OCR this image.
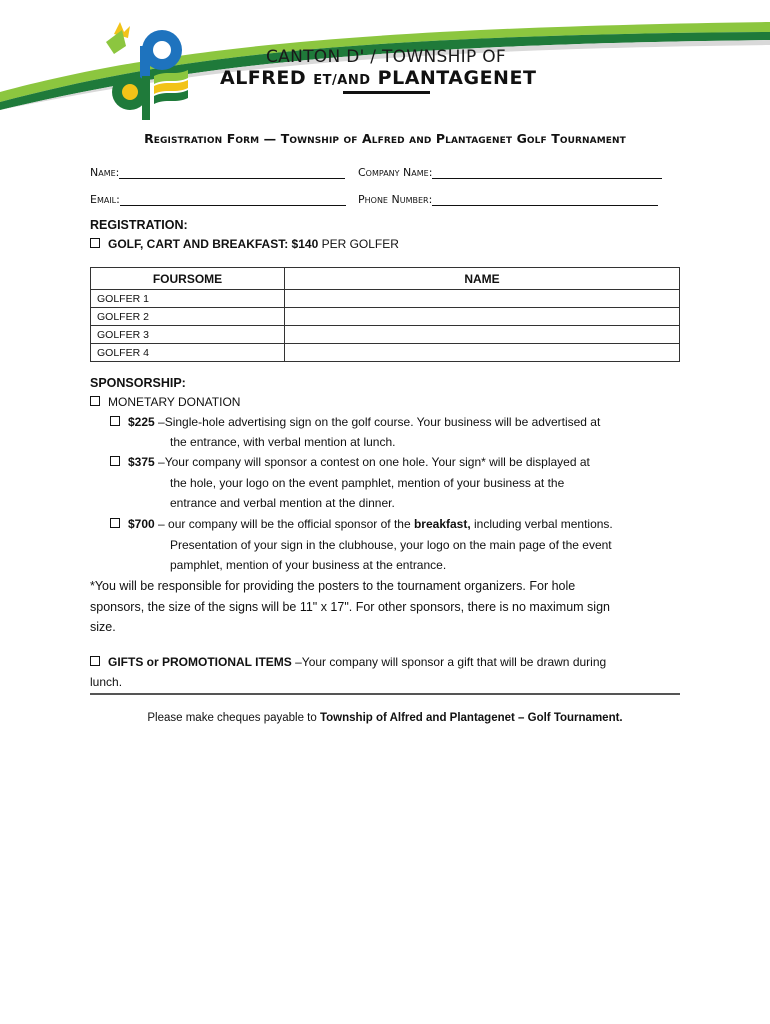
CANTON D' / TOWNSHIP OF
ALFRED ET/AND PLANTAGENET
Registration Form — Township of Alfred and Plantagenet Golf Tournament
Name:	Company Name:
Email:	Phone Number:
REGISTRATION:
GOLF, CART AND BREAKFAST: $140 PER GOLFER
FOURSOME	NAME
GOLFER 1	
GOLFER 2	
GOLFER 3	
GOLFER 4	
SPONSORSHIP:
MONETARY DONATION
$225 –Single-hole advertising sign on the golf course. Your business will be advertised at
the entrance, with verbal mention at lunch.
$375 –Your company will sponsor a contest on one hole. Your sign* will be displayed at
the hole, your logo on the event pamphlet, mention of your business at the
entrance and verbal mention at the dinner.
$700 – our company will be the official sponsor of the breakfast, including verbal mentions.
Presentation of your sign in the clubhouse, your logo on the main page of the event
pamphlet, mention of your business at the entrance.
*You will be responsible for providing the posters to the tournament organizers. For hole
sponsors, the size of the signs will be 11" x 17". For other sponsors, there is no maximum sign
size.
GIFTS or PROMOTIONAL ITEMS –Your company will sponsor a gift that will be drawn during
lunch.
Please make cheques payable to Township of Alfred and Plantagenet – Golf Tournament.
